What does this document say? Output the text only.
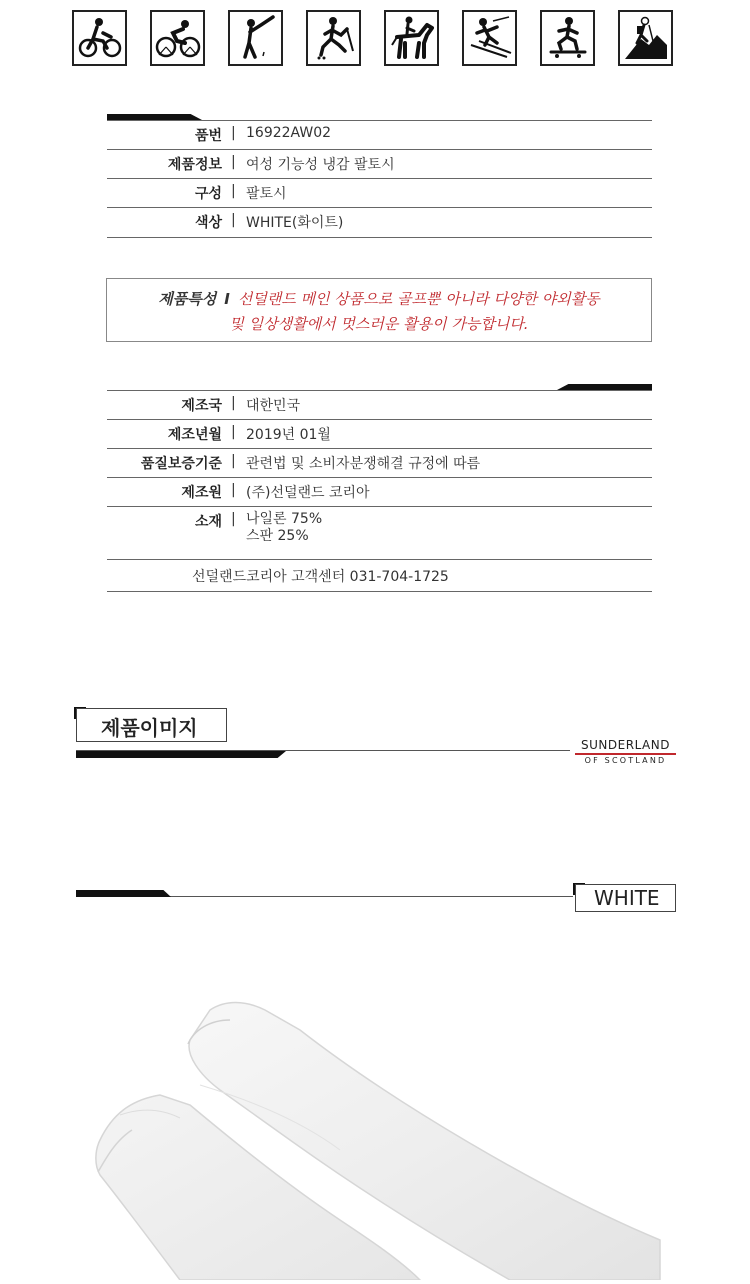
품번 | 16922AW02
제품정보 | 여성 기능성 냉감 팔토시
구성 | 팔토시
색상 | WHITE(화이트)
제품특성 I 선덜랜드 메인 상품으로 골프뿐 아니라 다양한 야외활동
및 일상생활에서 멋스러운 활용이 가능합니다.
제조국 | 대한민국
제조년월 | 2019년 01월
품질보증기준 | 관련법 및 소비자분쟁해결 규정에 따름
제조원 | (주)선덜랜드 코리아
소재 | 나일론 75%
스판 25%
선덜랜드코리아 고객센터 031-704-1725
제품이미지
SUNDERLAND
OF SCOTLAND
WHITE
